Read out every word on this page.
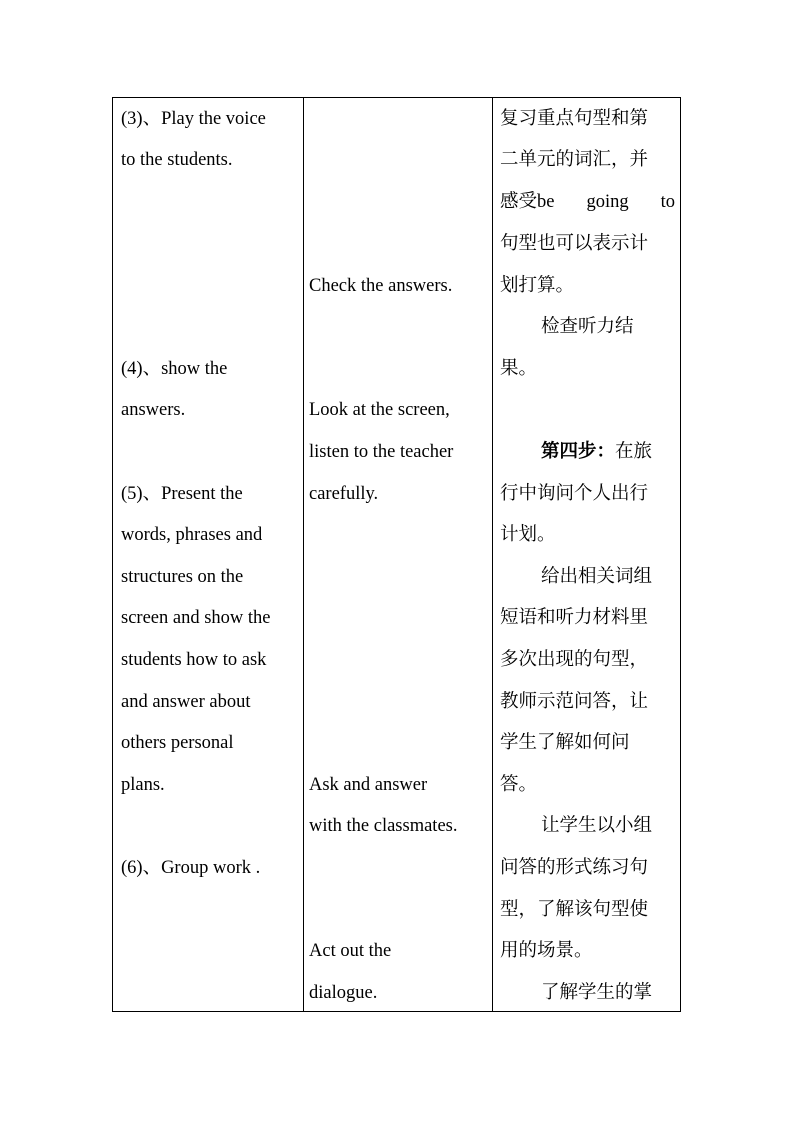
(3)、Play the voice
to the students.
(4)、show the
answers.
(5)、Present the
words, phrases and
structures on the
screen and show the
students how to ask
and answer about
others personal
plans.
(6)、Group work .
Check the answers.
Look at the screen,
listen to the teacher
carefully.
Ask and answer
with the classmates.
Act out the
dialogue.
复习重点句型和第
二单元的词汇，并
感受be going to
句型也可以表示计
划打算。
检查听力结
果。
第四步：在旅
行中询问个人出行
计划。
给出相关词组
短语和听力材料里
多次出现的句型，
教师示范问答，让
学生了解如何问
答。
让学生以小组
问答的形式练习句
型，了解该句型使
用的场景。
了解学生的掌
